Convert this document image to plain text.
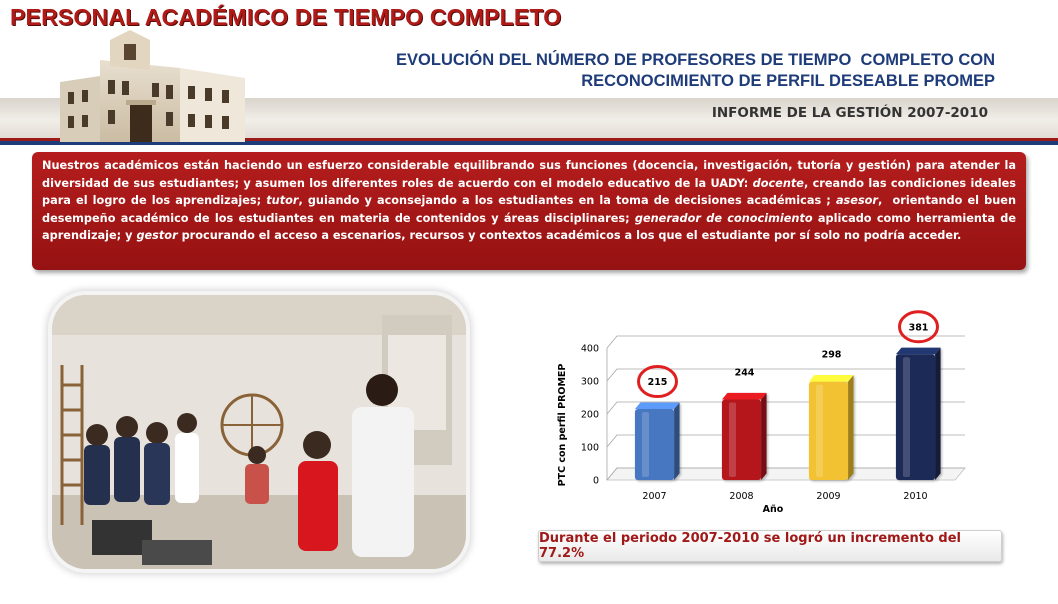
PERSONAL ACADÉMICO DE TIEMPO COMPLETO
EVOLUCIÓN DEL NÚMERO DE PROFESORES DE TIEMPO  COMPLETO CON
RECONOCIMIENTO DE PERFIL DESEABLE PROMEP
INFORME DE LA GESTIÓN 2007-2010

Nuestros académicos están haciendo un esfuerzo considerable equilibrando sus funciones (docencia, investigación, tutoría y gestión) para atender la diversidad de sus estudiantes; y asumen los diferentes roles de acuerdo con el modelo educativo de la UADY: docente, creando las condiciones ideales para el logro de los aprendizajes; tutor, guiando y aconsejando a los estudiantes en la toma de decisiones académicas ; asesor,  orientando el buen desempeño académico de los estudiantes en materia de contenidos y áreas disciplinares; generador de conocimiento aplicado como herramienta de aprendizaje; y gestor procurando el acceso a escenarios, recursos y contextos académicos a los que el estudiante por sí solo no podría acceder.

0
100
200
300
400
215
2007
244
2008
298
2009
381
2010
PTC con perfil PROMEP
Año
Durante el periodo 2007-2010 se logró un incremento del 77.2%
